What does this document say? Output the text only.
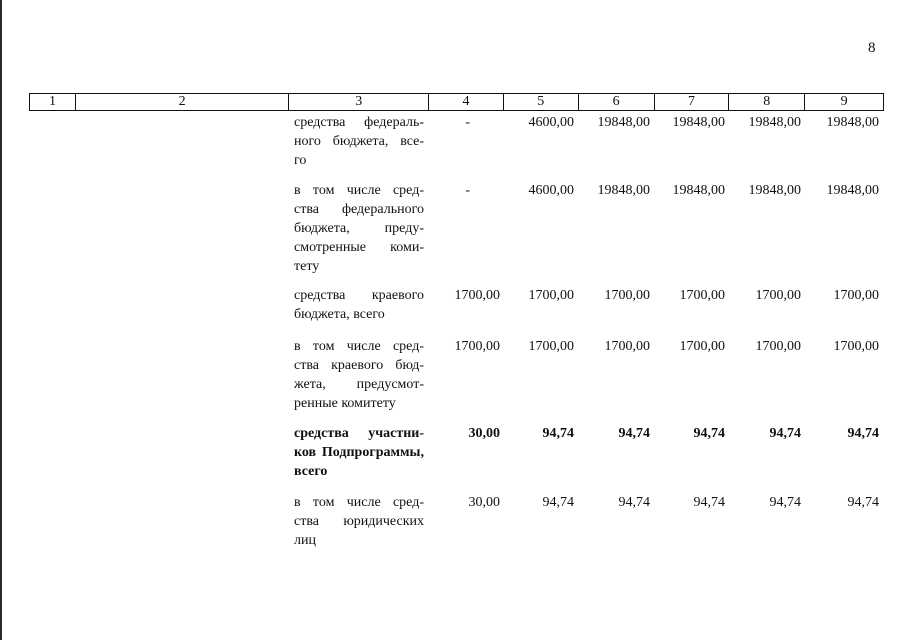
8
1	2	3	4	5	6	7	8	9
средства федераль-
ного бюджета, все-
го
-	4600,00 19848,00 19848,00 19848,00 19848,00
в том числе сред-
ства федерального
бюджета, преду-
смотренные коми-
тету
-	4600,00 19848,00 19848,00 19848,00 19848,00
средства краевого
бюджета, всего
1700,00 1700,00 1700,00 1700,00 1700,00 1700,00
в том числе сред-
ства краевого бюд-
жета, предусмот-
ренные комитету
1700,00 1700,00 1700,00 1700,00 1700,00 1700,00
средства участни-
ков Подпрограммы,
всего
30,00	94,74	94,74	94,74	94,74	94,74
в том числе сред-
ства юридических
лиц
30,00	94,74	94,74	94,74	94,74	94,74
